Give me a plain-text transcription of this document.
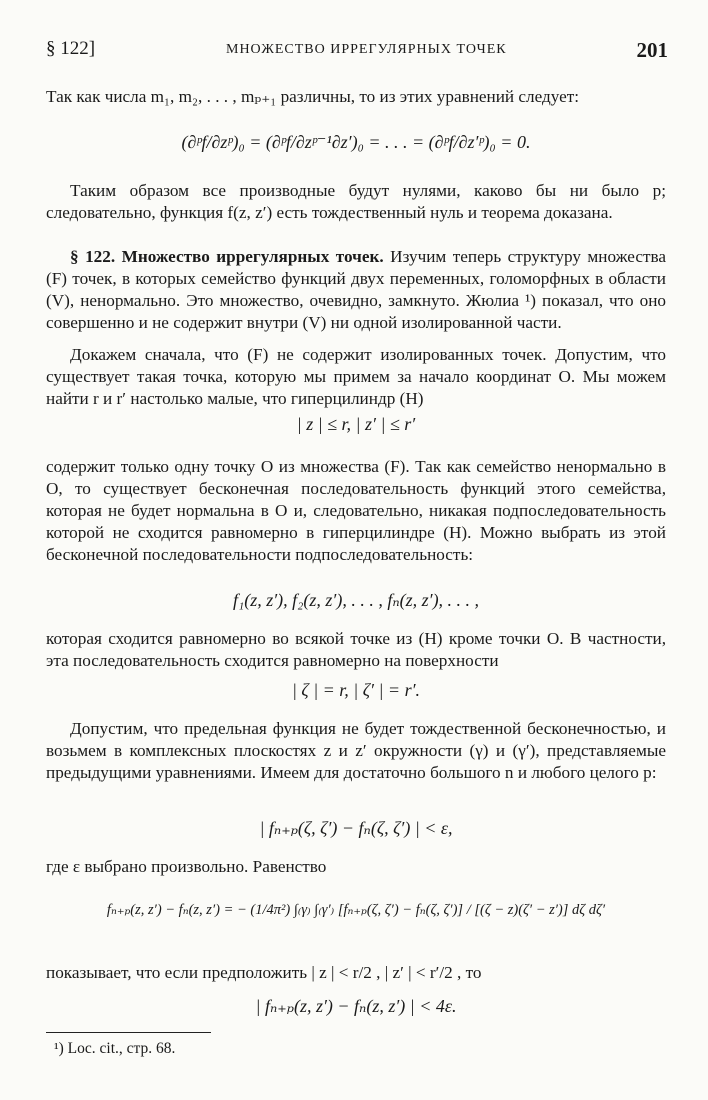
§ 122]	МНОЖЕСТВО ИРРЕГУЛЯРНЫХ ТОЧЕК	201

Так как числа m₁, m₂, . . . , mₚ₊₁ различны, то из этих уравнений следует:

(∂ᵖf/∂zᵖ)₀ = (∂ᵖf/∂zᵖ⁻¹∂z′)₀ = . . . = (∂ᵖf/∂z′ᵖ)₀ = 0.

Таким образом все производные будут нулями, каково бы ни было p; следовательно, функция f(z, z′) есть тождественный нуль и теорема доказана.

§ 122. Множество иррегулярных точек. Изучим теперь структуру множества (F) точек, в которых семейство функций двух переменных, голоморфных в области (V), ненормально. Это множество, очевидно, замкнуто. Жюлиа ¹) показал, что оно совершенно и не содержит внутри (V) ни одной изолированной части.

Докажем сначала, что (F) не содержит изолированных точек. Допустим, что существует такая точка, которую мы примем за начало координат O. Мы можем найти r и r′ настолько малые, что гиперцилиндр (H)

| z | ≤ r, | z′ | ≤ r′

содержит только одну точку O из множества (F). Так как семейство ненормально в O, то существует бесконечная последовательность функций этого семейства, которая не будет нормальна в O и, следовательно, никакая подпоследовательность которой не сходится равномерно в гиперцилиндре (H). Можно выбрать из этой бесконечной последовательности подпоследовательность:

f₁(z, z′), f₂(z, z′), . . . , fₙ(z, z′), . . . ,

которая сходится равномерно во всякой точке из (H) кроме точки O. В частности, эта последовательность сходится равномерно на поверхности

| ζ | = r, | ζ′ | = r′.

Допустим, что предельная функция не будет тождественной бесконечностью, и возьмем в комплексных плоскостях z и z′ окружности (γ) и (γ′), представляемые предыдущими уравнениями. Имеем для достаточно большого n и любого целого p:

| fₙ₊ₚ(ζ, ζ′) − fₙ(ζ, ζ′) | < ε,

где ε выбрано произвольно. Равенство

fₙ₊ₚ(z, z′) − fₙ(z, z′) = − (1/4π²) ∫₍γ₎ ∫₍γ′₎ [fₙ₊ₚ(ζ, ζ′) − fₙ(ζ, ζ′)] / [(ζ − z)(ζ′ − z′)] dζ dζ′

показывает, что если предположить | z | < r/2 , | z′ | < r′/2 , то

| fₙ₊ₚ(z, z′) − fₙ(z, z′) | < 4ε.

¹) Loc. cit., стр. 68.
